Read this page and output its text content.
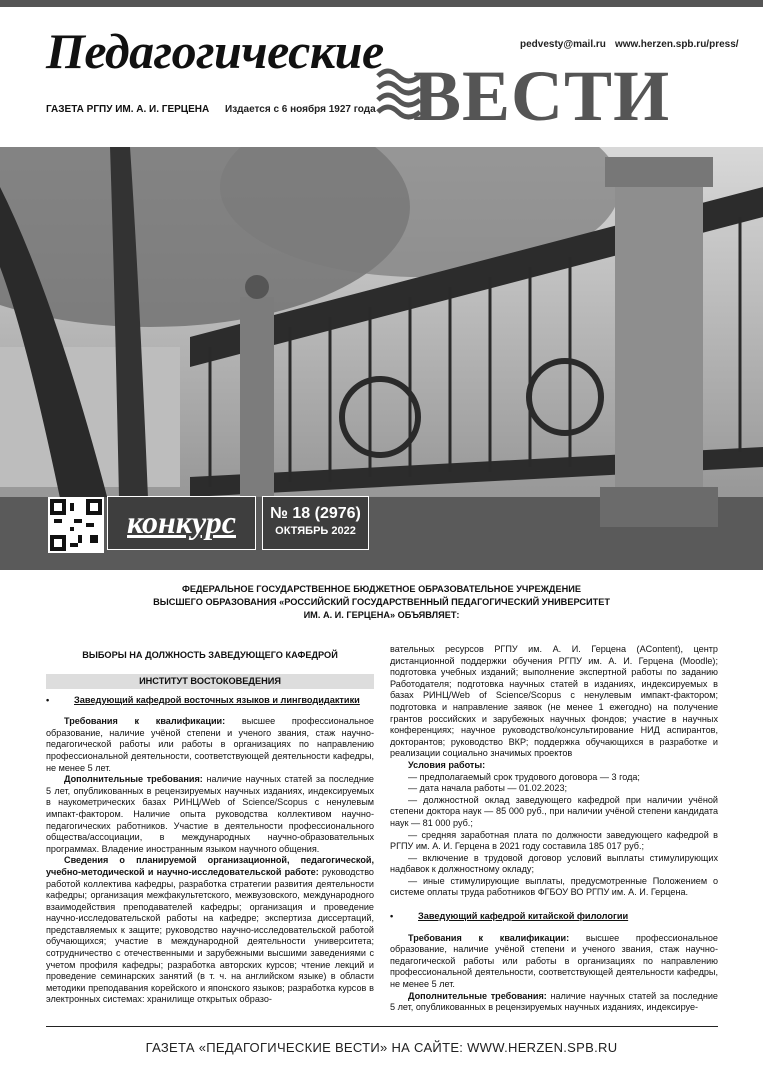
Педагогические
ВЕСТИ
pedvesty@mail.ru www.herzen.spb.ru/press/
ГАЗЕТА РГПУ ИМ. А. И. ГЕРЦЕНА Издается с 6 ноября 1927 года
конкурс	№ 18 (2976)
ОКТЯБРЬ 2022
ФЕДЕРАЛЬНОЕ ГОСУДАРСТВЕННОЕ БЮДЖЕТНОЕ ОБРАЗОВАТЕЛЬНОЕ УЧРЕЖДЕНИЕ
ВЫСШЕГО ОБРАЗОВАНИЯ «РОССИЙСКИЙ ГОСУДАРСТВЕННЫЙ ПЕДАГОГИЧЕСКИЙ УНИВЕРСИТЕТ
ИМ. А. И. ГЕРЦЕНА» ОБЪЯВЛЯЕТ:
ВЫБОРЫ НА ДОЛЖНОСТЬ ЗАВЕДУЮЩЕГО КАФЕДРОЙ
ИНСТИТУТ ВОСТОКОВЕДЕНИЯ
•	Заведующий кафедрой восточных языков и лингводидактики

Требования к квалификации: высшее профессиональное образование, наличие учёной степени и ученого звания, стаж научно-педагогической работы или работы в организациях по направлению профессиональной деятельности, соответствующей деятельности кафедры, не менее 5 лет.

Дополнительные требования: наличие научных статей за последние 5 лет, опубликованных в рецензируемых научных изданиях, индексируемых в наукометрических базах РИНЦ/Web of Science/Scopus с ненулевым импакт-фактором. Наличие опыта руководства коллективом научно-педагогических работников. Участие в деятельности профессионального общества/ассоциации, в международных научно-образовательных программах. Владение иностранным языком научного общения.

Сведения о планируемой организационной, педагогической, учебно-методической и научно-исследовательской работе: руководство работой коллектива кафедры, разработка стратегии развития деятельности кафедры; организация межфакультетского, межвузовского, международного взаимодействия преподавателей кафедры; организация и проведение научно-исследовательской работы на кафедре; экспертиза диссертаций, представляемых к защите; руководство научно-исследовательской работой обучающихся; участие в международной деятельности университета; сотрудничество с отечественными и зарубежными высшими заведениями с учетом профиля кафедры; разработка авторских курсов; чтение лекций и проведение семинарских занятий (в т. ч. на английском языке) в области методики преподавания корейского и японского языков; разработка курсов в электронных системах: хранилище открытых образо-

вательных ресурсов РГПУ им. А. И. Герцена (AContent), центр дистанционной поддержки обучения РГПУ им. А. И. Герцена (Moodle); подготовка учебных изданий; выполнение экспертной работы по заданию Работодателя; подготовка научных статей в изданиях, индексируемых в базах РИНЦ/Web of Science/Scopus с ненулевым импакт-фактором; подготовка и направление заявок (не менее 1 ежегодно) на получение грантов российских и зарубежных научных фондов; участие в научных конференциях; научное руководство/консультирование НИД аспирантов, докторантов; руководство ВКР; поддержка обучающихся в разработке и реализации социально значимых проектов

Условия работы:

— предполагаемый срок трудового договора — 3 года;

— дата начала работы — 01.02.2023;

— должностной оклад заведующего кафедрой при наличии учёной степени доктора наук — 85 000 руб., при наличии учёной степени кандидата наук — 81 000 руб.;

— средняя заработная плата по должности заведующего кафедрой в РГПУ им. А. И. Герцена в 2021 году составила 185 017 руб.;

— включение в трудовой договор условий выплаты стимулирующих надбавок к должностному окладу;

— иные стимулирующие выплаты, предусмотренные Положением о системе оплаты труда работников ФГБОУ ВО РГПУ им. А. И. Герцена.

•	Заведующий кафедрой китайской филологии

Требования к квалификации: высшее профессиональное образование, наличие учёной степени и ученого звания, стаж научно-педагогической работы или работы в организациях по направлению профессиональной деятельности, соответствующей деятельности кафедры, не менее 5 лет.

Дополнительные требования: наличие научных статей за последние 5 лет, опубликованных в рецензируемых научных изданиях, индексируе-

ГАЗЕТА «ПЕДАГОГИЧЕСКИЕ ВЕСТИ» НА САЙТЕ: WWW.HERZEN.SPB.RU
